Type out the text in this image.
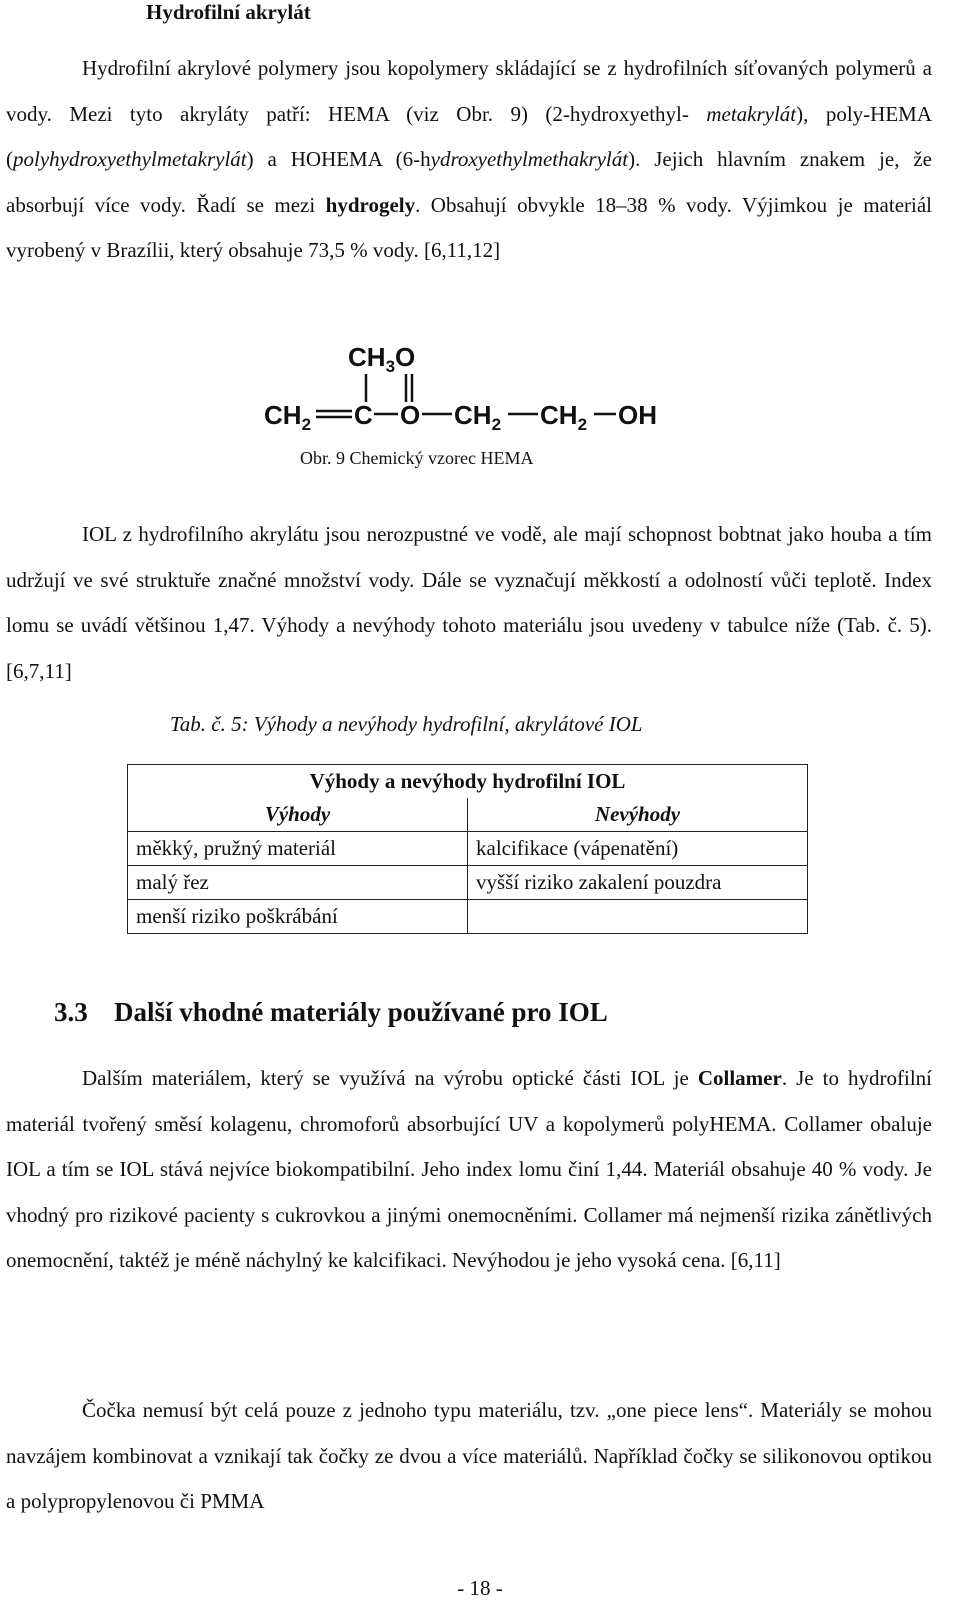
Hydrofilní akrylát

Hydrofilní akrylové polymery jsou kopolymery skládající se z hydrofilních síťovaných polymerů a vody. Mezi tyto akryláty patří: HEMA (viz Obr. 9) (2-hydroxyethyl- metakrylát), poly-HEMA (polyhydroxyethylmetakrylát) a HOHEMA (6-hydroxyethylmethakrylát). Jejich hlavním znakem je, že absorbují více vody. Řadí se mezi hydrogely. Obsahují obvykle 18–38 % vody. Výjimkou je materiál vyrobený v Brazílii, který obsahuje 73,5 % vody. [6,11,12]

$CH_3O$
$CH_2$ C O $CH_2$ $CH_2$ OH
Obr. 9 Chemický vzorec HEMA

IOL z hydrofilního akrylátu jsou nerozpustné ve vodě, ale mají schopnost bobtnat jako houba a tím udržují ve své struktuře značné množství vody. Dále se vyznačují měkkostí a odolností vůči teplotě. Index lomu se uvádí většinou 1,47. Výhody a nevýhody tohoto materiálu jsou uvedeny v tabulce níže (Tab. č. 5). [6,7,11]

Tab. č. 5: Výhody a nevýhody hydrofilní, akrylátové IOL
Výhody a nevýhody hydrofilní IOL	
Výhody	Nevýhody
měkký, pružný materiál	kalcifikace (vápenatění)
malý řez	vyšší riziko zakalení pouzdra
menší riziko poškrábání	
3.3 Další vhodné materiály používané pro IOL

Dalším materiálem, který se využívá na výrobu optické části IOL je Collamer. Je to hydrofilní materiál tvořený směsí kolagenu, chromoforů absorbující UV a kopolymerů polyHEMA. Collamer obaluje IOL a tím se IOL stává nejvíce biokompatibilní. Jeho index lomu činí 1,44. Materiál obsahuje 40 % vody. Je vhodný pro rizikové pacienty s cukrovkou a jinými onemocněními. Collamer má nejmenší rizika zánětlivých onemocnění, taktéž je méně náchylný ke kalcifikaci. Nevýhodou je jeho vysoká cena. [6,11]

Čočka nemusí být celá pouze z jednoho typu materiálu, tzv. „one piece lens“. Materiály se mohou navzájem kombinovat a vznikají tak čočky ze dvou a více materiálů. Například čočky se silikonovou optikou a polypropylenovou či PMMA

- 18 -
